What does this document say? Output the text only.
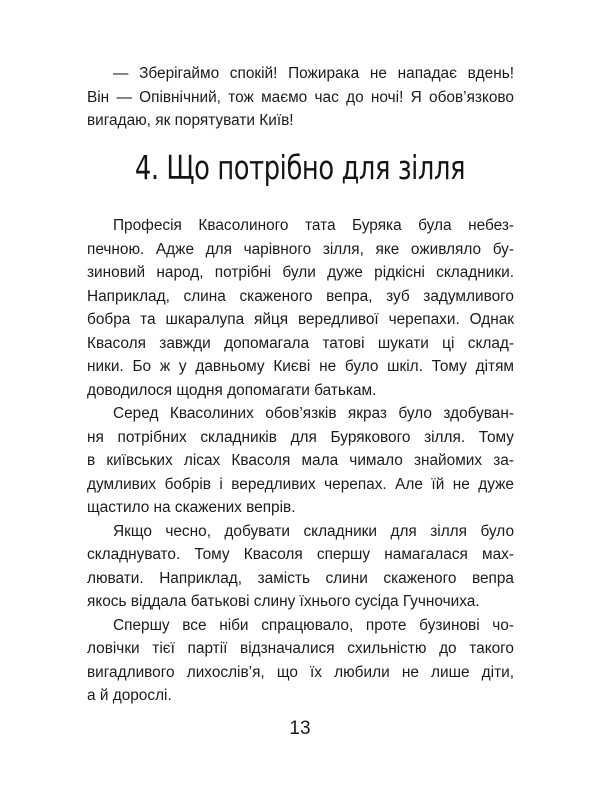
— Зберігаймо спокій! Пожирака не нападає вдень!
Він — Опівнічний, тож маємо час до ночі! Я обов’язково
вигадаю, як порятувати Київ!

4. Що потрібно для зілля

Професія Квасолиного тата Буряка була небез-
печною. Адже для чарівного зілля, яке оживляло бу-
зиновий народ, потрібні були дуже рідкісні складники.
Наприклад, слина скаженого вепра, зуб задумливого
бобра та шкаралупа яйця вередливої черепахи. Однак
Квасоля завжди допомагала татові шукати ці склад-
ники. Бо ж у давньому Києві не було шкіл. Тому дітям
доводилося щодня допомагати батькам.

Серед Квасолиних обов’язків якраз було здобуван-
ня потрібних складників для Бурякового зілля. Тому
в київських лісах Квасоля мала чимало знайомих за-
думливих бобрів і вередливих черепах. Але їй не дуже
щастило на скажених вепрів.

Якщо чесно, добувати складники для зілля було
складнувато. Тому Квасоля спершу намагалася мах-
лювати. Наприклад, замість слини скаженого вепра
якось віддала батькові слину їхнього сусіда Гучночиха.

Спершу все ніби спрацювало, проте бузинові чо-
ловічки тієї партії відзначалися схильністю до такого
вигадливого лихослів’я, що їх любили не лише діти,
а й дорослі.

13
